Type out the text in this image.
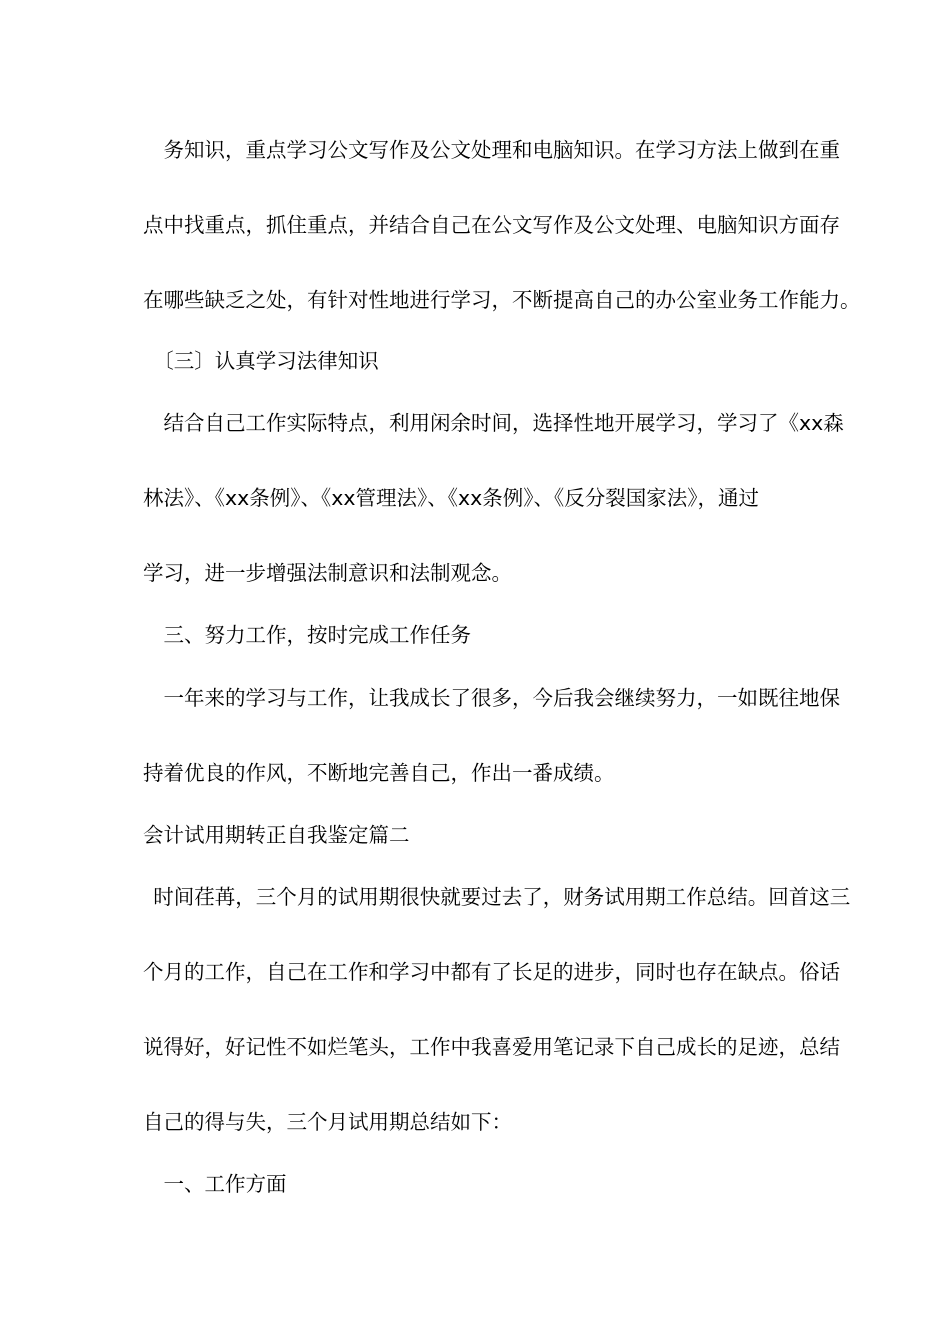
　务知识，重点学习公文写作及公文处理和电脑知识。在学习方法上做到在重
点中找重点，抓住重点，并结合自己在公文写作及公文处理、电脑知识方面存
在哪些缺乏之处，有针对性地进行学习，不断提高自己的办公室业务工作能力。
　〔三〕认真学习法律知识
　结合自己工作实际特点，利用闲余时间，选择性地开展学习，学习了《xx森
林法》、《xx条例》、《xx管理法》、《xx条例》、《反分裂国家法》，通过
学习，进一步增强法制意识和法制观念。
　三、努力工作，按时完成工作任务
　一年来的学习与工作，让我成长了很多，今后我会继续努力，一如既往地保
持着优良的作风，不断地完善自己，作出一番成绩。
会计试用期转正自我鉴定篇二
 时间荏苒，三个月的试用期很快就要过去了，财务试用期工作总结。回首这三
个月的工作，自己在工作和学习中都有了长足的进步，同时也存在缺点。俗话
说得好，好记性不如烂笔头，工作中我喜爱用笔记录下自己成长的足迹，总结
自己的得与失，三个月试用期总结如下：
　一、工作方面
